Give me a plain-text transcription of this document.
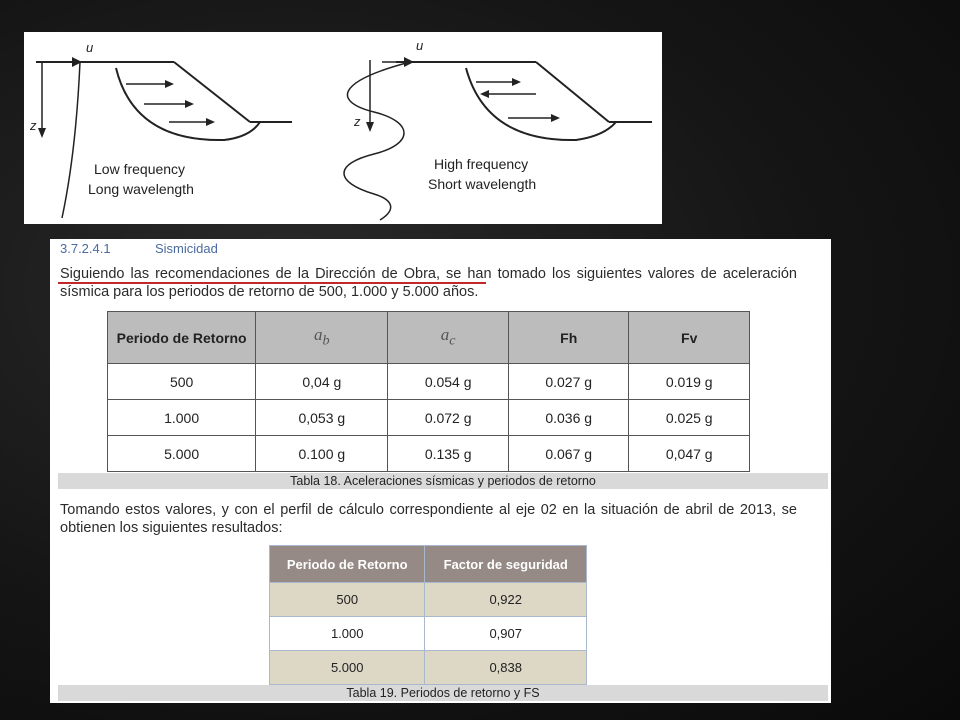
u
z
Low frequency
Long wavelength
u
z
High frequency
Short wavelength
3.7.2.4.1	Sismicidad
Siguiendo las recomendaciones de la Dirección de Obra, se han tomado los siguientes valores de aceleración sísmica para los periodos de retorno de 500, 1.000 y 5.000 años.
Periodo de Retorno	$a_b$	$a_c$	Fh	Fv
500	0,04 g	0.054 g	0.027 g	0.019 g
1.000	0,053 g	0.072 g	0.036 g	0.025 g
5.000	0.100 g	0.135 g	0.067 g	0,047 g
Tabla 18. Aceleraciones sísmicas y periodos de retorno
Tomando estos valores, y con el perfil de cálculo correspondiente al eje 02 en la situación de abril de 2013, se obtienen los siguientes resultados:
Periodo de Retorno	Factor de seguridad
500	0,922
1.000	0,907
5.000	0,838
Tabla 19. Periodos de retorno y FS
